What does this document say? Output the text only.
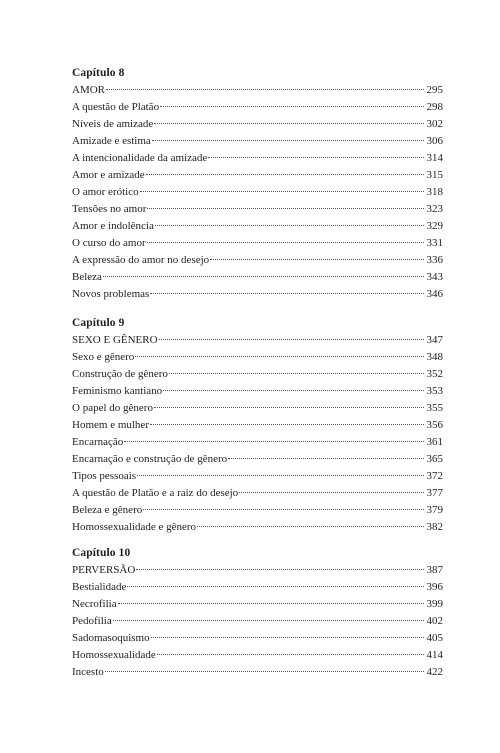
Capítulo 8
AMOR	295
A questão de Platão	298
Níveis de amizade	302
Amizade e estima	306
A intencionalidade da amizade	314
Amor e amizade	315
O amor erótico	318
Tensões no amor	323
Amor e indolência	329
O curso do amor	331
A expressão do amor no desejo	336
Beleza	343
Novos problemas	346
Capítulo 9
SEXO E GÊNERO	347
Sexo e gênero	348
Construção de gênero	352
Feminismo kantiano	353
O papel do gênero	355
Homem e mulher	356
Encarnação	361
Encarnação e construção de gênero	365
Tipos pessoais	372
A questão de Platão e a raiz do desejo	377
Beleza e gênero	379
Homossexualidade e gênero	382
Capítulo 10
PERVERSÃO	387
Bestialidade	396
Necrofilia	399
Pedofilia	402
Sadomasoquismo	405
Homossexualidade	414
Incesto	422
